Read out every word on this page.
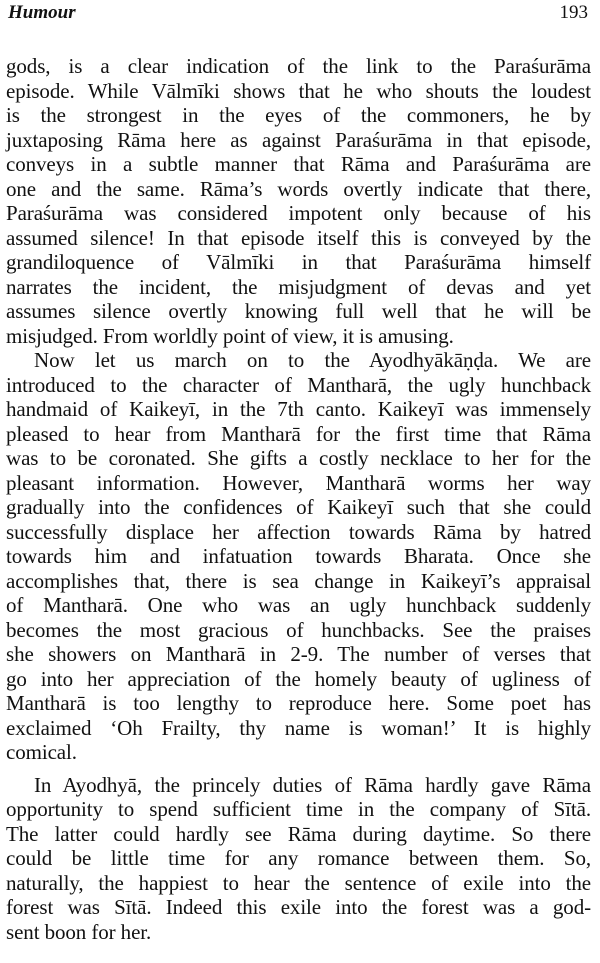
Humour	193
gods, is a clear indication of the link to the Paraśurāma
episode. While Vālmīki shows that he who shouts the loudest
is the strongest in the eyes of the commoners, he by
juxtaposing Rāma here as against Paraśurāma in that episode,
conveys in a subtle manner that Rāma and Paraśurāma are
one and the same. Rāma’s words overtly indicate that there,
Paraśurāma was considered impotent only because of his
assumed silence! In that episode itself this is conveyed by the
grandiloquence of Vālmīki in that Paraśurāma himself
narrates the incident, the misjudgment of devas and yet
assumes silence overtly knowing full well that he will be
misjudged. From worldly point of view, it is amusing.
Now let us march on to the Ayodhyākāṇḍa. We are
introduced to the character of Mantharā, the ugly hunchback
handmaid of Kaikeyī, in the 7th canto. Kaikeyī was immensely
pleased to hear from Mantharā for the first time that Rāma
was to be coronated. She gifts a costly necklace to her for the
pleasant information. However, Mantharā worms her way
gradually into the confidences of Kaikeyī such that she could
successfully displace her affection towards Rāma by hatred
towards him and infatuation towards Bharata. Once she
accomplishes that, there is sea change in Kaikeyī’s appraisal
of Mantharā. One who was an ugly hunchback suddenly
becomes the most gracious of hunchbacks. See the praises
she showers on Mantharā in 2-9. The number of verses that
go into her appreciation of the homely beauty of ugliness of
Mantharā is too lengthy to reproduce here. Some poet has
exclaimed ‘Oh Frailty, thy name is woman!’ It is highly
comical.
In Ayodhyā, the princely duties of Rāma hardly gave Rāma
opportunity to spend sufficient time in the company of Sītā.
The latter could hardly see Rāma during daytime. So there
could be little time for any romance between them. So,
naturally, the happiest to hear the sentence of exile into the
forest was Sītā. Indeed this exile into the forest was a god-
sent boon for her.
